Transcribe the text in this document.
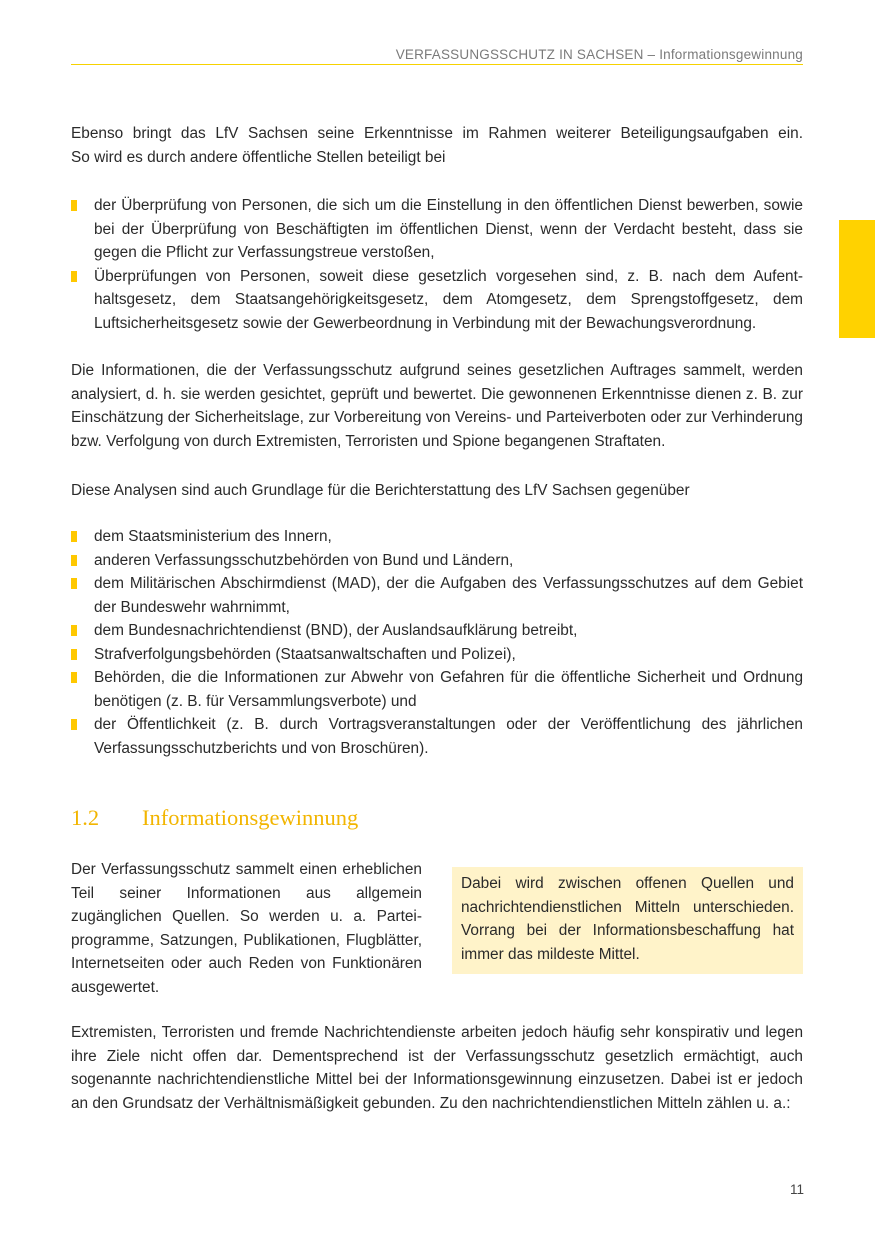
VERFASSUNGSSCHUTZ IN SACHSEN – Informationsgewinnung
Ebenso bringt das LfV Sachsen seine Erkenntnisse im Rahmen weiterer Beteiligungsaufgaben ein.
So wird es durch andere öffentliche Stellen beteiligt bei
der Überprüfung von Personen, die sich um die Einstellung in den öffentlichen Dienst bewerben, sowie bei der Überprüfung von Beschäftigten im öffentlichen Dienst, wenn der Verdacht besteht, dass sie gegen die Pflicht zur Verfassungstreue verstoßen,
Überprüfungen von Personen, soweit diese gesetzlich vorgesehen sind, z. B. nach dem Aufenthaltsgesetz, dem Staatsangehörigkeitsgesetz, dem Atomgesetz, dem Sprengstoffgesetz, dem Luftsicherheitsgesetz sowie der Gewerbeordnung in Verbindung mit der Bewachungsverordnung.
Die Informationen, die der Verfassungsschutz aufgrund seines gesetzlichen Auftrages sammelt, werden analysiert, d. h. sie werden gesichtet, geprüft und bewertet. Die gewonnenen Erkenntnisse dienen z. B. zur Einschätzung der Sicherheitslage, zur Vorbereitung von Vereins- und Parteiverboten oder zur Verhinderung bzw. Verfolgung von durch Extremisten, Terroristen und Spione begangenen Straftaten.
Diese Analysen sind auch Grundlage für die Berichterstattung des LfV Sachsen gegenüber
dem Staatsministerium des Innern,
anderen Verfassungsschutzbehörden von Bund und Ländern,
dem Militärischen Abschirmdienst (MAD), der die Aufgaben des Verfassungsschutzes auf dem Gebiet der Bundeswehr wahrnimmt,
dem Bundesnachrichtendienst (BND), der Auslandsaufklärung betreibt,
Strafverfolgungsbehörden (Staatsanwaltschaften und Polizei),
Behörden, die die Informationen zur Abwehr von Gefahren für die öffentliche Sicherheit und Ordnung benötigen (z. B. für Versammlungsverbote) und
der Öffentlichkeit (z. B. durch Vortragsveranstaltungen oder der Veröffentlichung des jährlichen Verfassungsschutzberichts und von Broschüren).
1.2 Informationsgewinnung
Der Verfassungsschutz sammelt einen erheblichen Teil seiner Informationen aus allgemein zugänglichen Quellen. So werden u. a. Parteiprogramme, Satzungen, Publikationen, Flugblätter, Internetseiten oder auch Reden von Funktionären ausgewertet.
Dabei wird zwischen offenen Quellen und nachrichtendienstlichen Mitteln unterschieden. Vorrang bei der Informationsbeschaffung hat immer das mildeste Mittel.
Extremisten, Terroristen und fremde Nachrichtendienste arbeiten jedoch häufig sehr konspirativ und legen ihre Ziele nicht offen dar. Dementsprechend ist der Verfassungsschutz gesetzlich ermächtigt, auch sogenannte nachrichtendienstliche Mittel bei der Informationsgewinnung einzusetzen. Dabei ist er jedoch an den Grundsatz der Verhältnismäßigkeit gebunden. Zu den nachrichtendienstlichen Mitteln zählen u. a.:
11
